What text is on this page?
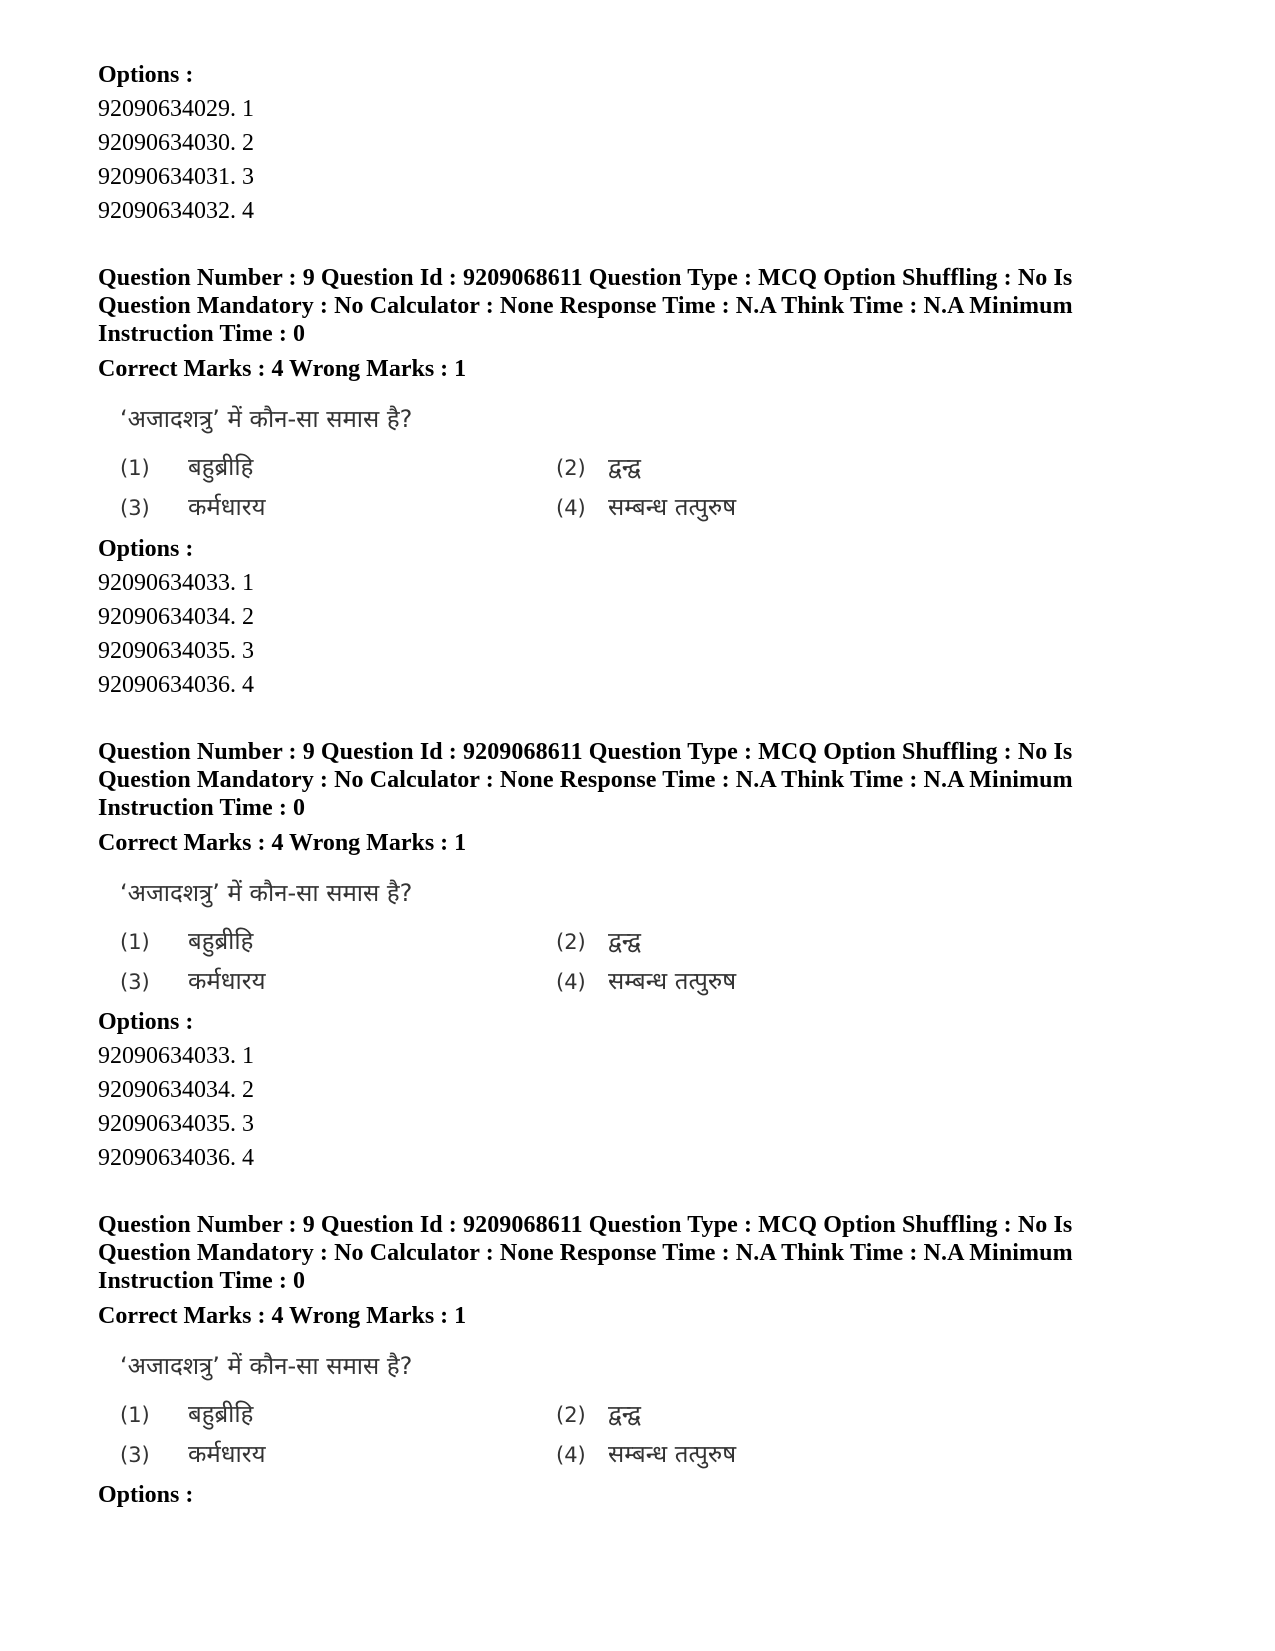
Options :
92090634029. 1
92090634030. 2
92090634031. 3
92090634032. 4
Question Number : 9 Question Id : 9209068611 Question Type : MCQ Option Shuffling : No Is Question Mandatory : No Calculator : None Response Time : N.A Think Time : N.A Minimum Instruction Time : 0
Correct Marks : 4 Wrong Marks : 1
‘अजादशत्रु’ में कौन-सा समास है?
(1) बहुब्रीहि	(2) द्वन्द्व
(3) कर्मधारय	(4) सम्बन्ध तत्पुरुष
Options :
92090634033. 1
92090634034. 2
92090634035. 3
92090634036. 4
Question Number : 9 Question Id : 9209068611 Question Type : MCQ Option Shuffling : No Is Question Mandatory : No Calculator : None Response Time : N.A Think Time : N.A Minimum Instruction Time : 0
Correct Marks : 4 Wrong Marks : 1
‘अजादशत्रु’ में कौन-सा समास है?
(1) बहुब्रीहि	(2) द्वन्द्व
(3) कर्मधारय	(4) सम्बन्ध तत्पुरुष
Options :
92090634033. 1
92090634034. 2
92090634035. 3
92090634036. 4
Question Number : 9 Question Id : 9209068611 Question Type : MCQ Option Shuffling : No Is Question Mandatory : No Calculator : None Response Time : N.A Think Time : N.A Minimum Instruction Time : 0
Correct Marks : 4 Wrong Marks : 1
‘अजादशत्रु’ में कौन-सा समास है?
(1) बहुब्रीहि	(2) द्वन्द्व
(3) कर्मधारय	(4) सम्बन्ध तत्पुरुष
Options :
